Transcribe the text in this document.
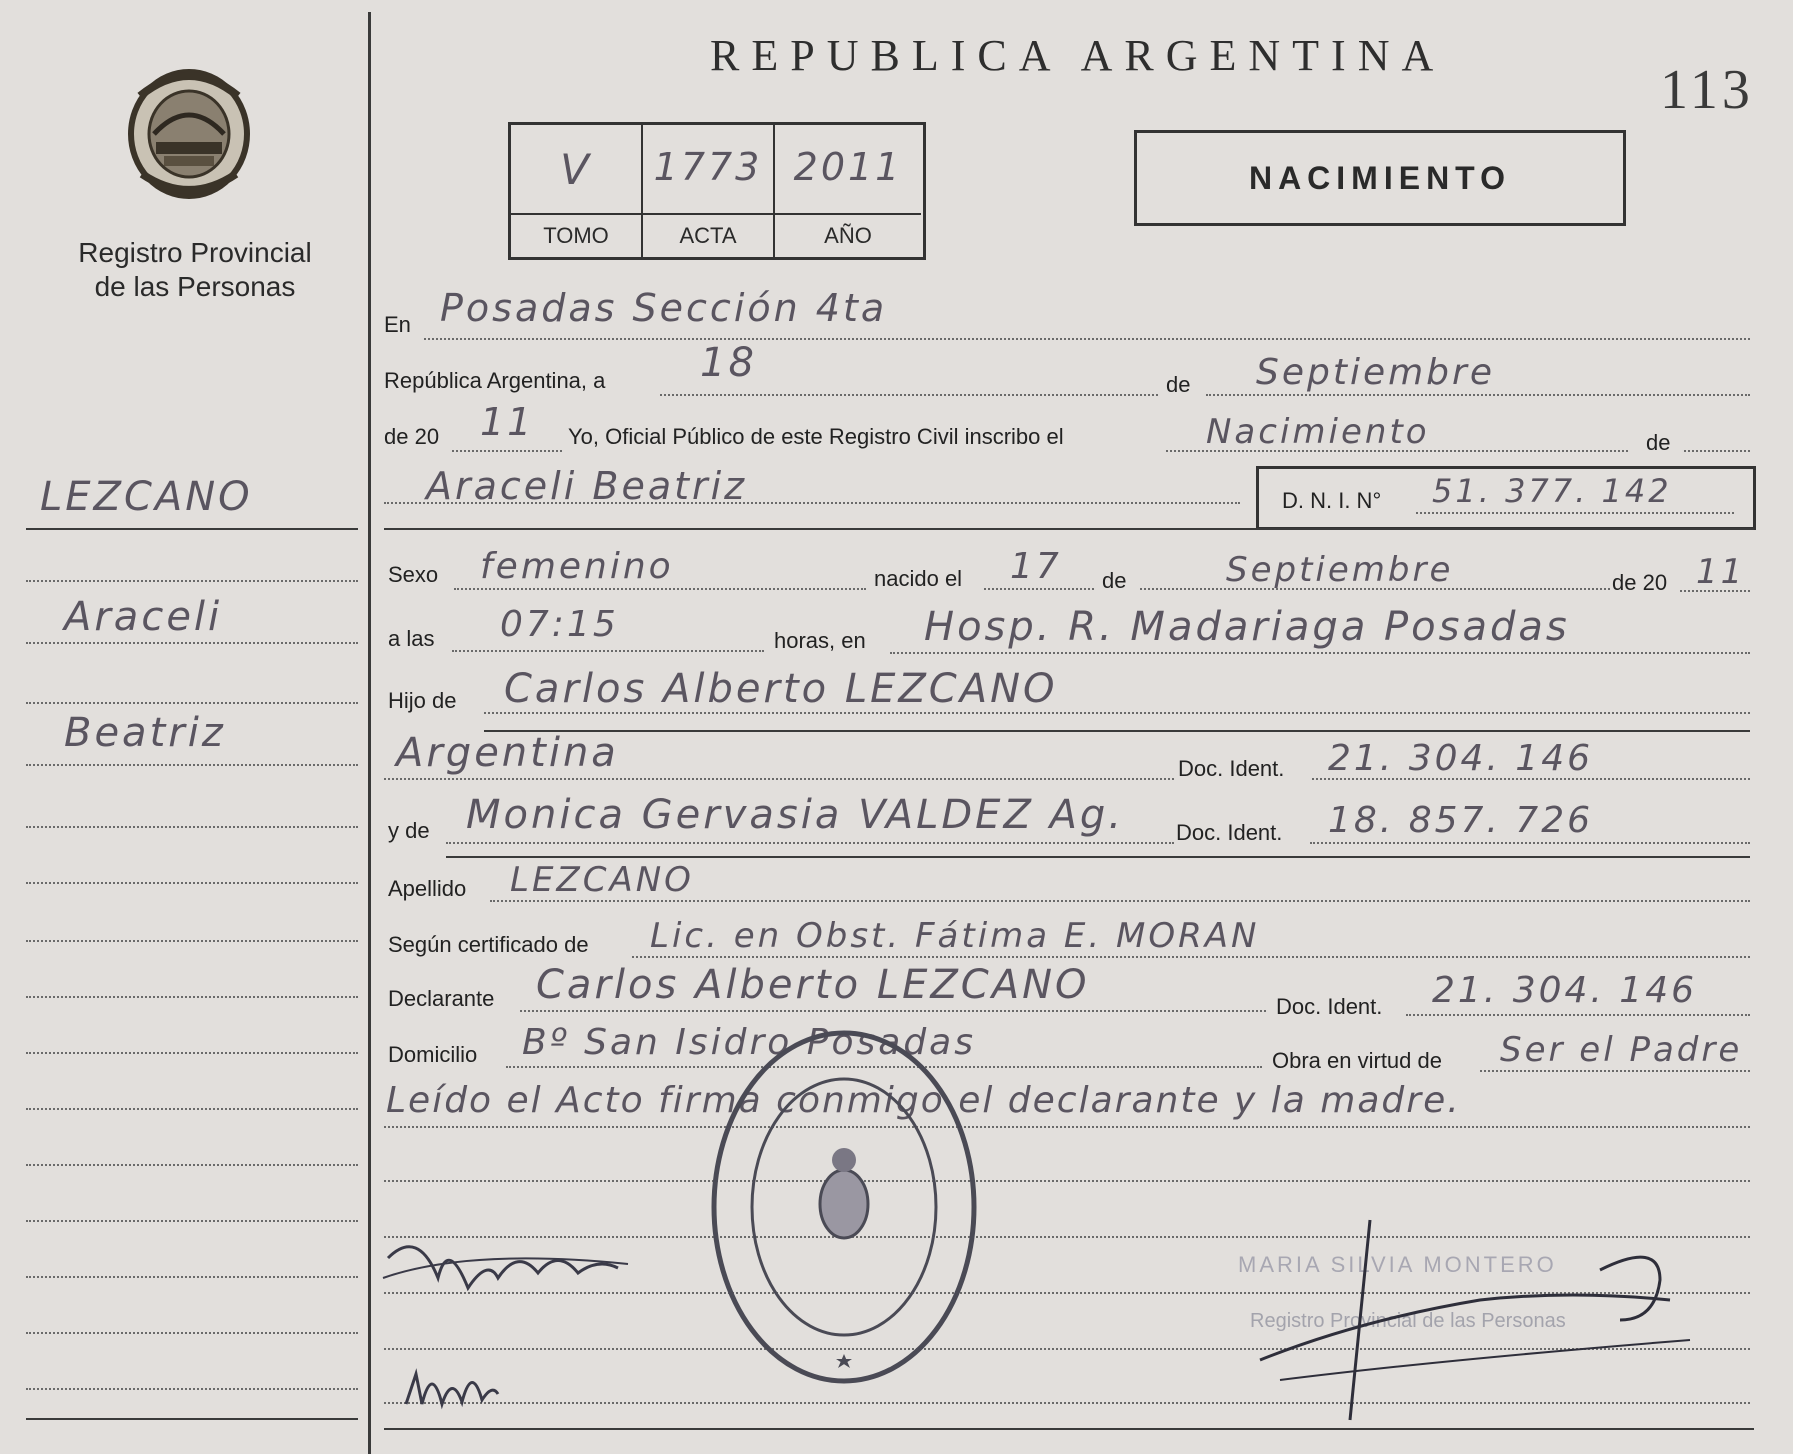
Registro Provincial
de las Personas
LEZCANO
Araceli
Beatriz
REPUBLICA ARGENTINA
113
V	1773 2011
TOMO	ACTA	AÑO
NACIMIENTO
En Posadas Sección 4ta
República Argentina, a 18	de Septiembre
de 20 11 Yo, Oficial Público de este Registro Civil inscribo el	Nacimiento	de
Araceli Beatriz	D. N. I. N° 51. 377. 142
Sexo femenino	nacido el 17 de	Septiembre	de 20 11
a las 07:15	horas, en Hosp. R. Madariaga Posadas
Hijo de Carlos Alberto LEZCANO
Argentina	Doc. Ident. 21. 304. 146
y de Monica Gervasia VALDEZ Ag. Doc. Ident. 18. 857. 726
Apellido LEZCANO
Según certificado de Lic. en Obst. Fátima E. MORAN
Declarante Carlos Alberto LEZCANO	Doc. Ident. 21. 304. 146
Domicilio Bº San Isidro Posadas	Obra en virtud de Ser el Padre
Leído el Acto firma conmigo el declarante y la madre.
MARIA SILVIA MONTERO
Registro Provincial de las Personas
